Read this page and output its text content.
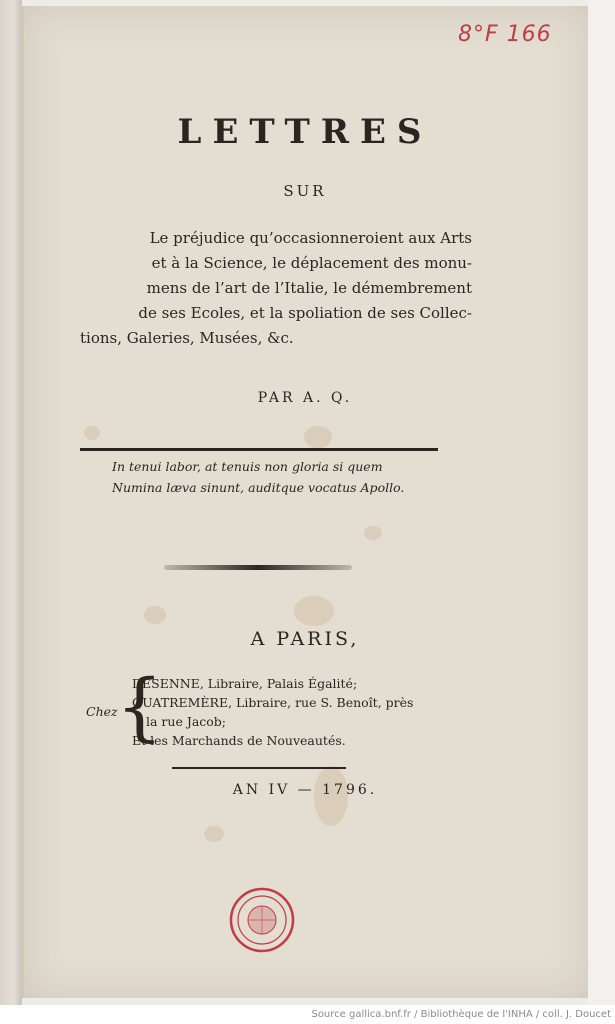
8°F 166
LETTRES
SUR
Le préjudice qu’occasionneroient aux Arts
et à la Science, le déplacement des monu-
mens de l’art de l’Italie, le démembrement
de ses Ecoles, et la spoliation de ses Collec-
tions, Galeries, Musées, &c.
PAR A. Q.
In tenui labor, at tenuis non gloria si quem
Numina læva sinunt, auditque vocatus Apollo.
A PARIS,
Chez
{
DESENNE, Libraire, Palais Égalité;
QUATREMÈRE, Libraire, rue S. Benoît, près
la rue Jacob;
Et les Marchands de Nouveautés.
AN IV — 1796.
Source gallica.bnf.fr / Bibliothèque de l'INHA / coll. J. Doucet
